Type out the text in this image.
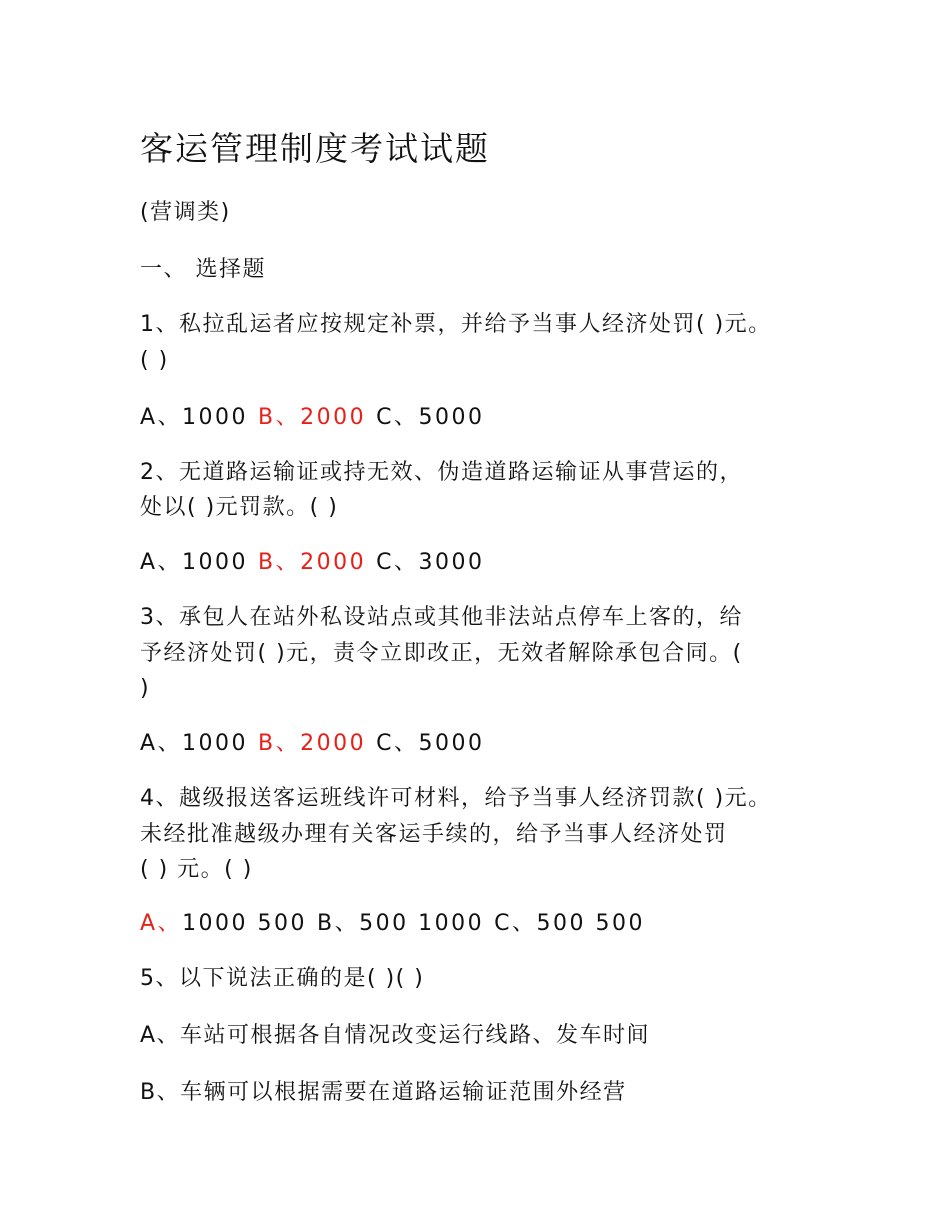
客运管理制度考试试题
(营调类)
一、 选择题
1、私拉乱运者应按规定补票，并给予当事人经济处罚( )元。
( )
A、1000 B、2000 C、5000
2、无道路运输证或持无效、伪造道路运输证从事营运的，
处以( )元罚款。( )
A、1000 B、2000 C、3000
3、承包人在站外私设站点或其他非法站点停车上客的，给
予经济处罚( )元，责令立即改正，无效者解除承包合同。(
)
A、1000 B、2000 C、5000
4、越级报送客运班线许可材料，给予当事人经济罚款( )元。
未经批准越级办理有关客运手续的，给予当事人经济处罚
( ) 元。( )
A、1000 500 B、500 1000 C、500 500
5、以下说法正确的是( )( )
A、车站可根据各自情况改变运行线路、发车时间
B、车辆可以根据需要在道路运输证范围外经营
